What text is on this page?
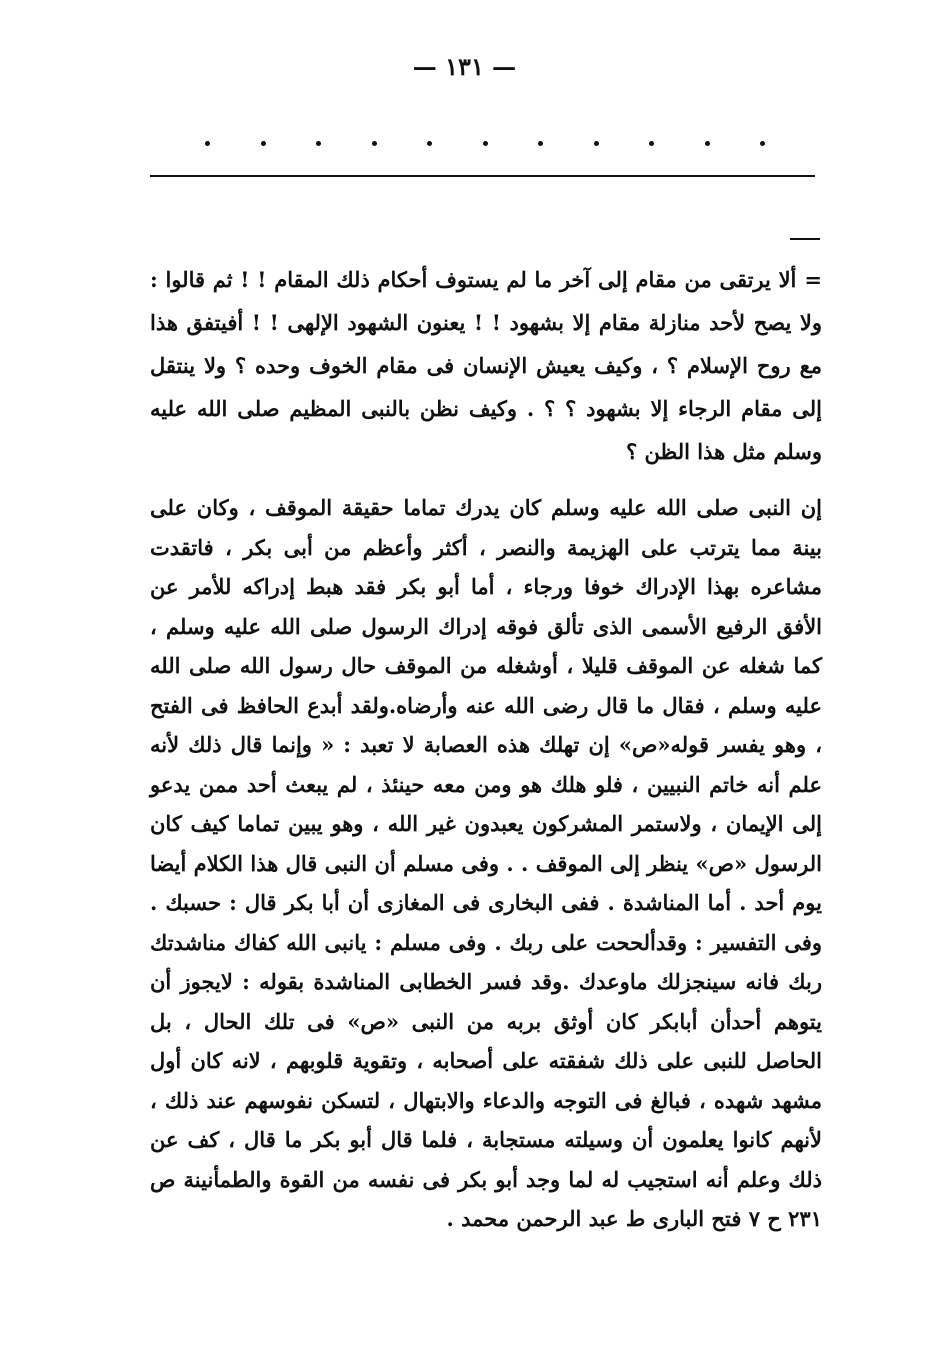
— ١٣١ —

=ألا يرتقى من مقام إلى آخر ما لم يستوف أحكام ذلك المقام ! ! ثم قالوا : ولا يصح لأحد منازلة مقام إلا بشهود ! ! يعنون الشهود الإلهى ! ! أفيتفق هذا مع روح الإسلام ؟ ، وكيف يعيش الإنسان فى مقام الخوف وحده ؟ ولا ينتقل إلى مقام الرجاء إلا بشهود ؟ ؟ . وكيف نظن بالنبى المظيم صلى الله عليه وسلم مثل هذا الظن ؟

إن النبى صلى الله عليه وسلم كان يدرك تماما حقيقة الموقف ، وكان على بينة مما يترتب على الهزيمة والنصر ، أكثر وأعظم من أبى بكر ، فاتقدت مشاعره بهذا الإدراك خوفا ورجاء ، أما أبو بكر فقد هبط إدراكه للأمر عن الأفق الرفيع الأسمى الذى تألق فوقه إدراك الرسول صلى الله عليه وسلم ، كما شغله عن الموقف قليلا ، أوشغله من الموقف حال رسول الله صلى الله عليه وسلم ، فقال ما قال رضى الله عنه وأرضاه.ولقد أبدع الحافظ فى الفتح ، وهو يفسر قوله«ص» إن تهلك هذه العصابة لا تعبد : « وإنما قال ذلك لأنه علم أنه خاتم النبيين ، فلو هلك هو ومن معه حينئذ ، لم يبعث أحد ممن يدعو إلى الإيمان ، ولاستمر المشركون يعبدون غير الله ، وهو يبين تماما كيف كان الرسول «ص» ينظر إلى الموقف . . وفى مسلم أن النبى قال هذا الكلام أيضا يوم أحد . أما المناشدة . ففى البخارى فى المغازى أن أبا بكر قال : حسبك . وفى التفسير : وقدألححت على ربك . وفى مسلم : يانبى الله كفاك مناشدتك ربك فانه سينجزلك ماوعدك .وقد فسر الخطابى المناشدة بقوله : لايجوز أن يتوهم أحدأن أبابكر كان أوثق بربه من النبى «ص» فى تلك الحال ، بل الحاصل للنبى على ذلك شفقته على أصحابه ، وتقوية قلوبهم ، لانه كان أول مشهد شهده ، فبالغ فى التوجه والدعاء والابتهال ، لتسكن نفوسهم عند ذلك ، لأنهم كانوا يعلمون أن وسيلته مستجابة ، فلما قال أبو بكر ما قال ، كف عن ذلك وعلم أنه استجيب له لما وجد أبو بكر فى نفسه من القوة والطمأنينة ص ٢٣١ ح ٧ فتح البارى ط عبد الرحمن محمد .
